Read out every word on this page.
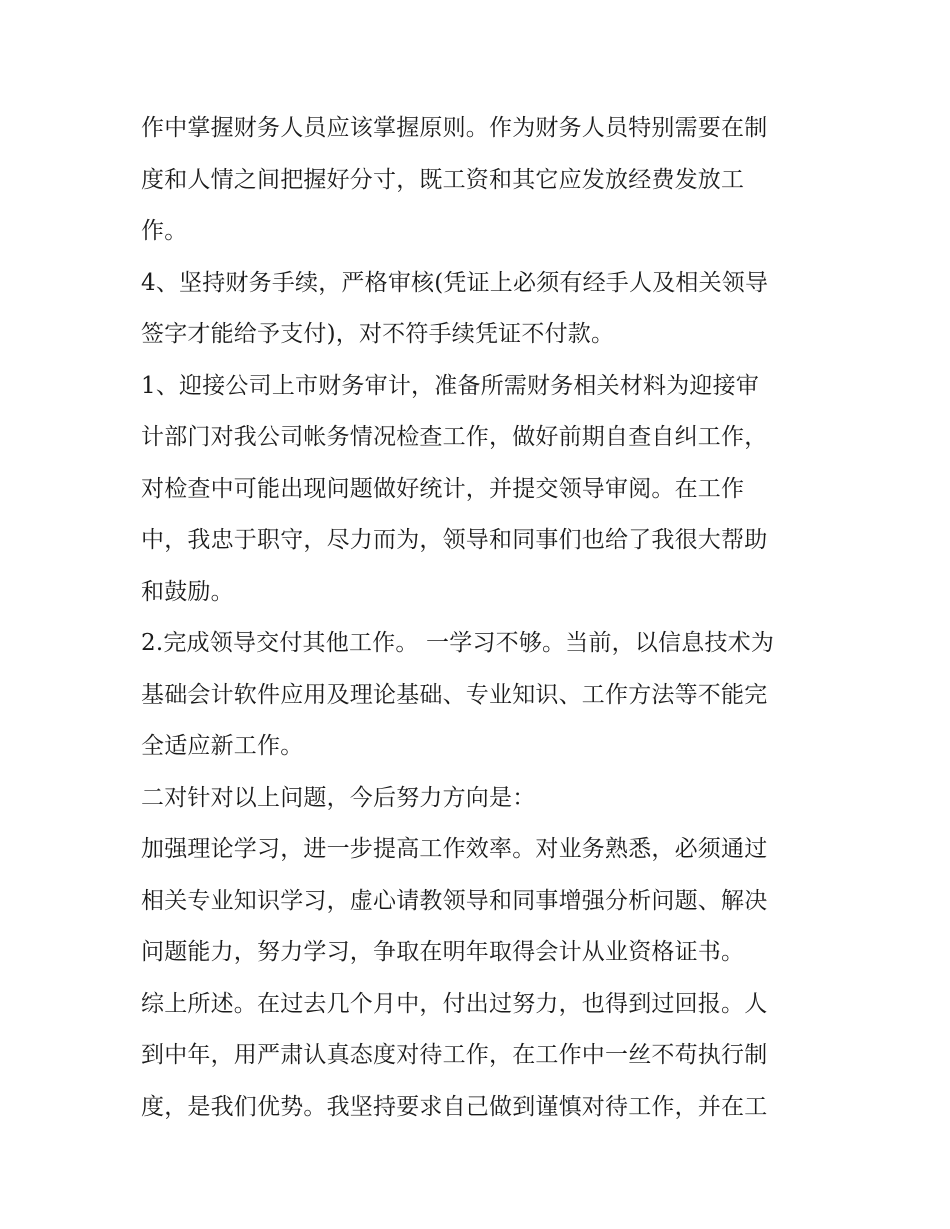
作中掌握财务人员应该掌握原则。作为财务人员特别需要在制
度和人情之间把握好分寸，既工资和其它应发放经费发放工
作。
4、坚持财务手续，严格审核(凭证上必须有经手人及相关领导
签字才能给予支付)，对不符手续凭证不付款。
1、迎接公司上市财务审计，准备所需财务相关材料为迎接审
计部门对我公司帐务情况检查工作，做好前期自查自纠工作，
对检查中可能出现问题做好统计，并提交领导审阅。在工作
中，我忠于职守，尽力而为，领导和同事们也给了我很大帮助
和鼓励。
2.完成领导交付其他工作。 一学习不够。当前，以信息技术为
基础会计软件应用及理论基础、专业知识、工作方法等不能完
全适应新工作。
二对针对以上问题，今后努力方向是：
加强理论学习，进一步提高工作效率。对业务熟悉，必须通过
相关专业知识学习，虚心请教领导和同事增强分析问题、解决
问题能力，努力学习，争取在明年取得会计从业资格证书。
综上所述。在过去几个月中，付出过努力，也得到过回报。人
到中年，用严肃认真态度对待工作，在工作中一丝不苟执行制
度，是我们优势。我坚持要求自己做到谨慎对待工作，并在工
